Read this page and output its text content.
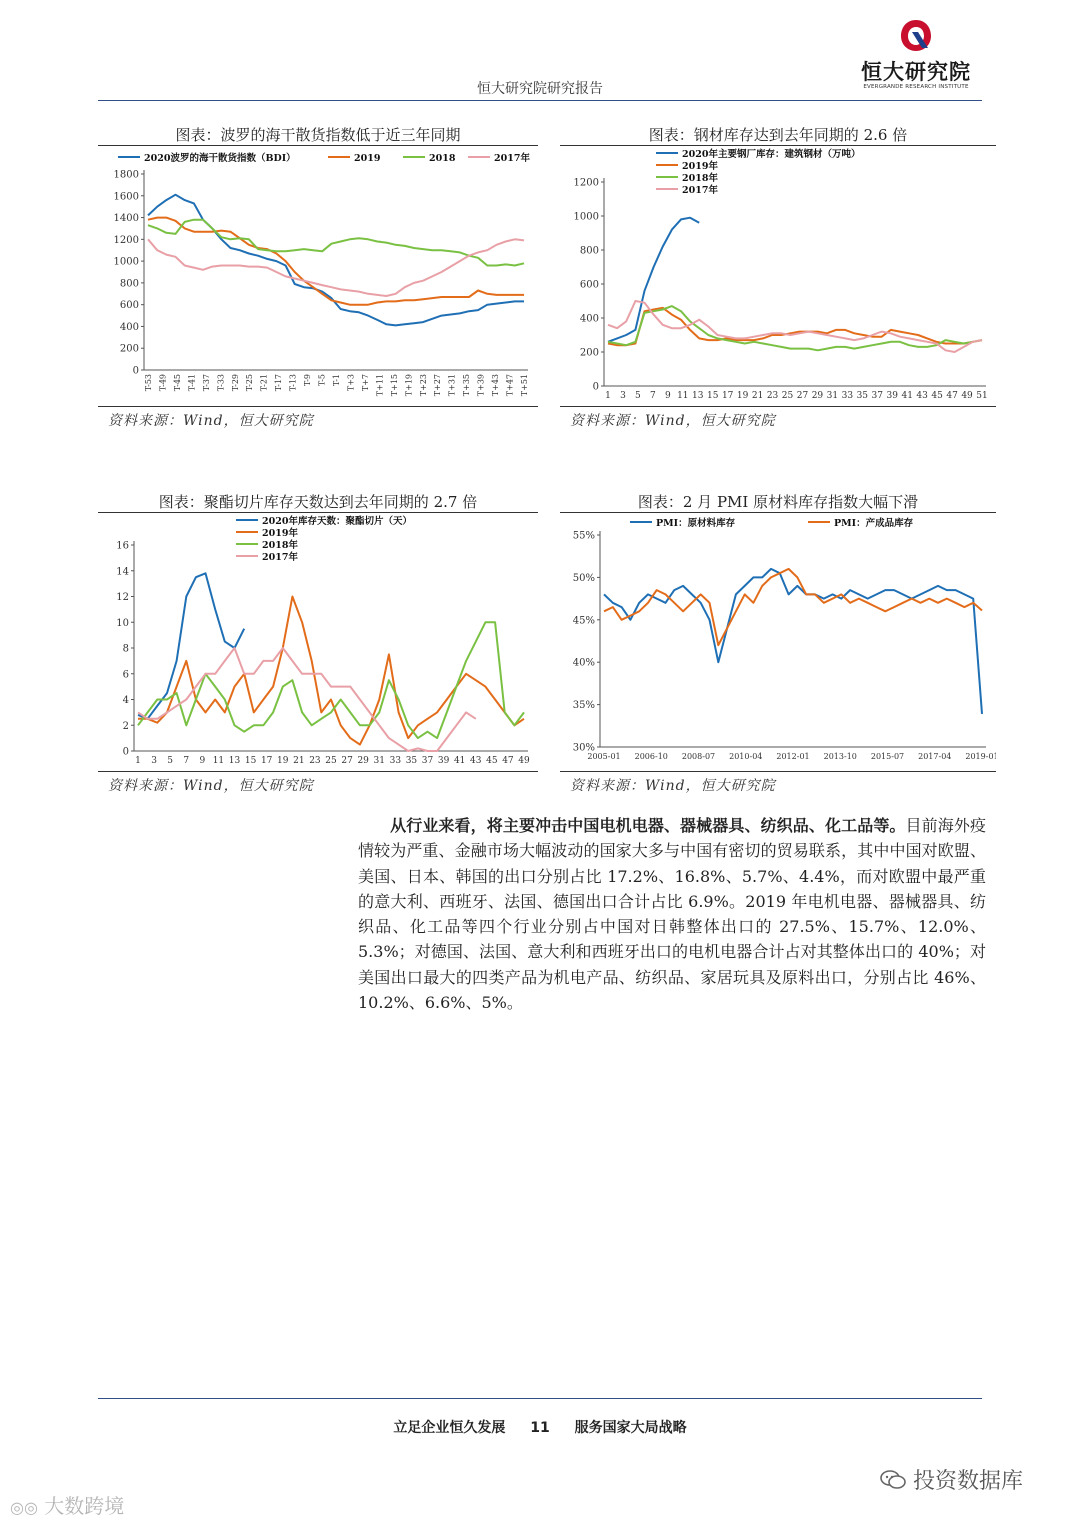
恒大研究院研究报告
恒大研究院
EVERGRANDE RESEARCH INSTITUTE
图表：波罗的海干散货指数低于近三年同期
0
200
400
600
800
1000
1200
1400
1600
1800
T-53 T-49 T-45 T-41 T-37 T-33 T-29 T-25 T-21 T-17 T-13 T-9 T-5 T-1 T+3 T+7 T+11 T+15 T+19 T+23 T+27 T+31 T+35 T+39 T+43 T+47 T+51
2020波罗的海干散货指数（BDI）	2019	2018	2017年
资料来源：Wind，恒大研究院
图表：钢材库存达到去年同期的 2.6 倍
0
200
400
600
800
1000
1200
1 3 5 7 9 11 13 15 17 19 21 23 25 27 29 31 33 35 37 39 41 43 45 47 49 51
2020年主要钢厂库存：建筑钢材（万吨）
2019年
2018年
2017年
资料来源：Wind，恒大研究院
图表：聚酯切片库存天数达到去年同期的 2.7 倍
0
2
4
6
8
10
12
14
16
1 3 5 7 9 11 13 15 17 19 21 23 25 27 29 31 33 35 37 39 41 43 45 47 49
2020年库存天数：聚酯切片（天）
2019年
2018年
2017年
资料来源：Wind，恒大研究院
图表：2 月 PMI 原材料库存指数大幅下滑
30%
35%
40%
45%
50%
55%
2005-01 2006-10 2008-07 2010-04 2012-01 2013-10 2015-07 2017-04 2019-01
PMI：原材料库存	PMI：产成品库存
资料来源：Wind，恒大研究院
从行业来看，将主要冲击中国电机电器、器械器具、纺织品、化工品等。目前海外疫情较为严重、金融市场大幅波动的国家大多与中国有密切的贸易联系，其中中国对欧盟、美国、日本、韩国的出口分别占比 17.2%、16.8%、5.7%、4.4%，而对欧盟中最严重的意大利、西班牙、法国、德国出口合计占比 6.9%。2019 年电机电器、器械器具、纺织品、化工品等四个行业分别占中国对日韩整体出口的 27.5%、15.7%、12.0%、5.3%；对德国、法国、意大利和西班牙出口的电机电器合计占对其整体出口的 40%；对美国出口最大的四类产品为机电产品、纺织品、家居玩具及原料出口，分别占比 46%、10.2%、6.6%、5%。
立足企业恒久发展 11 服务国家大局战略
◎◎ 大数跨境
投资数据库
